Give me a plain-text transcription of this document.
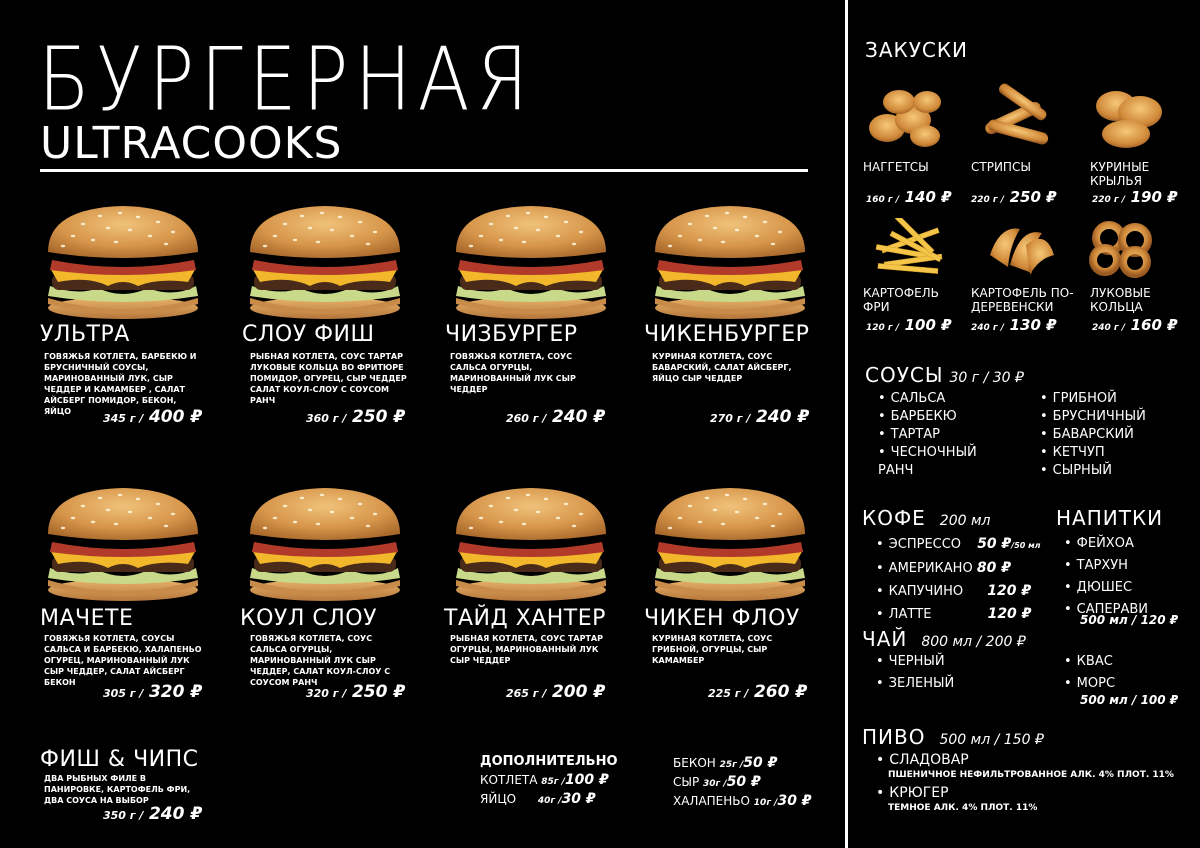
БУРГЕРНАЯ
ULTRACOOKS
УЛЬТРА
ГОВЯЖЬЯ КОТЛЕТА, БАРБЕКЮ И БРУСНИЧНЫЙ СОУСЫ, МАРИНОВАННЫЙ ЛУК, СЫР ЧЕДДЕР И КАМАМБЕР , САЛАТ АЙСБЕРГ ПОМИДОР, БЕКОН, ЯЙЦО
345 г / 400 ₽
СЛОУ ФИШ
РЫБНАЯ КОТЛЕТА, СОУС ТАРТАР ЛУКОВЫЕ КОЛЬЦА ВО ФРИТЮРЕ ПОМИДОР, ОГУРЕЦ, СЫР ЧЕДДЕР САЛАТ КОУЛ-СЛОУ С СОУСОМ РАНЧ
360 г / 250 ₽
ЧИЗБУРГЕР
ГОВЯЖЬЯ КОТЛЕТА, СОУС САЛЬСА ОГУРЦЫ, МАРИНОВАННЫЙ ЛУК СЫР ЧЕДДЕР
260 г / 240 ₽
ЧИКЕНБУРГЕР
КУРИНАЯ КОТЛЕТА, СОУС БАВАРСКИЙ, САЛАТ АЙСБЕРГ, ЯЙЦО СЫР ЧЕДДЕР
270 г / 240 ₽
МАЧЕТЕ
ГОВЯЖЬЯ КОТЛЕТА, СОУСЫ САЛЬСА И БАРБЕКЮ, ХАЛАПЕНЬО ОГУРЕЦ, МАРИНОВАННЫЙ ЛУК СЫР ЧЕДДЕР, САЛАТ АЙСБЕРГ БЕКОН
305 г / 320 ₽
КОУЛ СЛОУ
ГОВЯЖЬЯ КОТЛЕТА, СОУС САЛЬСА ОГУРЦЫ, МАРИНОВАННЫЙ ЛУК СЫР ЧЕДДЕР, САЛАТ КОУЛ-СЛОУ С СОУСОМ РАНЧ
320 г / 250 ₽
ТАЙД ХАНТЕР
РЫБНАЯ КОТЛЕТА, СОУС ТАРТАР ОГУРЦЫ, МАРИНОВАННЫЙ ЛУК СЫР ЧЕДДЕР
265 г / 200 ₽
ЧИКЕН ФЛОУ
КУРИНАЯ КОТЛЕТА, СОУС ГРИБНОЙ, ОГУРЦЫ, СЫР КАМАМБЕР
225 г / 260 ₽
ФИШ & ЧИПС
ДВА РЫБНЫХ ФИЛЕ В ПАНИРОВКЕ, КАРТОФЕЛЬ ФРИ, ДВА СОУСА НА ВЫБОР
350 г / 240 ₽
ДОПОЛНИТЕЛЬНО
КОТЛЕТА 85г /100 ₽
ЯЙЦО 40г /30 ₽
БЕКОН 25г /50 ₽
СЫР 30г /50 ₽
ХАЛАПЕНЬО 10г /30 ₽
ЗАКУСКИ
НАГГЕТСЫ
160 г / 140 ₽
СТРИПСЫ
220 г / 250 ₽
КУРИНЫЕ КРЫЛЬЯ
220 г / 190 ₽
КАРТОФЕЛЬ ФРИ
120 г / 100 ₽
КАРТОФЕЛЬ ПО-ДЕРЕВЕНСКИ
240 г / 130 ₽
ЛУКОВЫЕ КОЛЬЦА
240 г / 160 ₽
СОУСЫ 30 г / 30 ₽
• САЛЬСА
• БАРБЕКЮ
• ТАРТАР
• ЧЕСНОЧНЫЙ РАНЧ
• ГРИБНОЙ
• БРУСНИЧНЫЙ
• БАВАРСКИЙ
• КЕТЧУП
• СЫРНЫЙ
КОФЕ 200 мл
• ЭСПРЕССО 50 ₽/50 мл
• АМЕРИКАНО 80 ₽
• КАПУЧИНО 120 ₽
• ЛАТТЕ	120 ₽
НАПИТКИ
• ФЕЙХОА
• ТАРХУН
• ДЮШЕС
• САПЕРАВИ
500 мл / 120 ₽
ЧАЙ 800 мл / 200 ₽
• ЧЕРНЫЙ
• ЗЕЛЕНЫЙ
• КВАС
• МОРС
500 мл / 100 ₽
ПИВО 500 мл / 150 ₽
• СЛАДОВАР
ПШЕНИЧНОЕ НЕФИЛЬТРОВАННОЕ АЛК. 4% ПЛОТ. 11%
• КРЮГЕР
ТЕМНОЕ АЛК. 4% ПЛОТ. 11%
